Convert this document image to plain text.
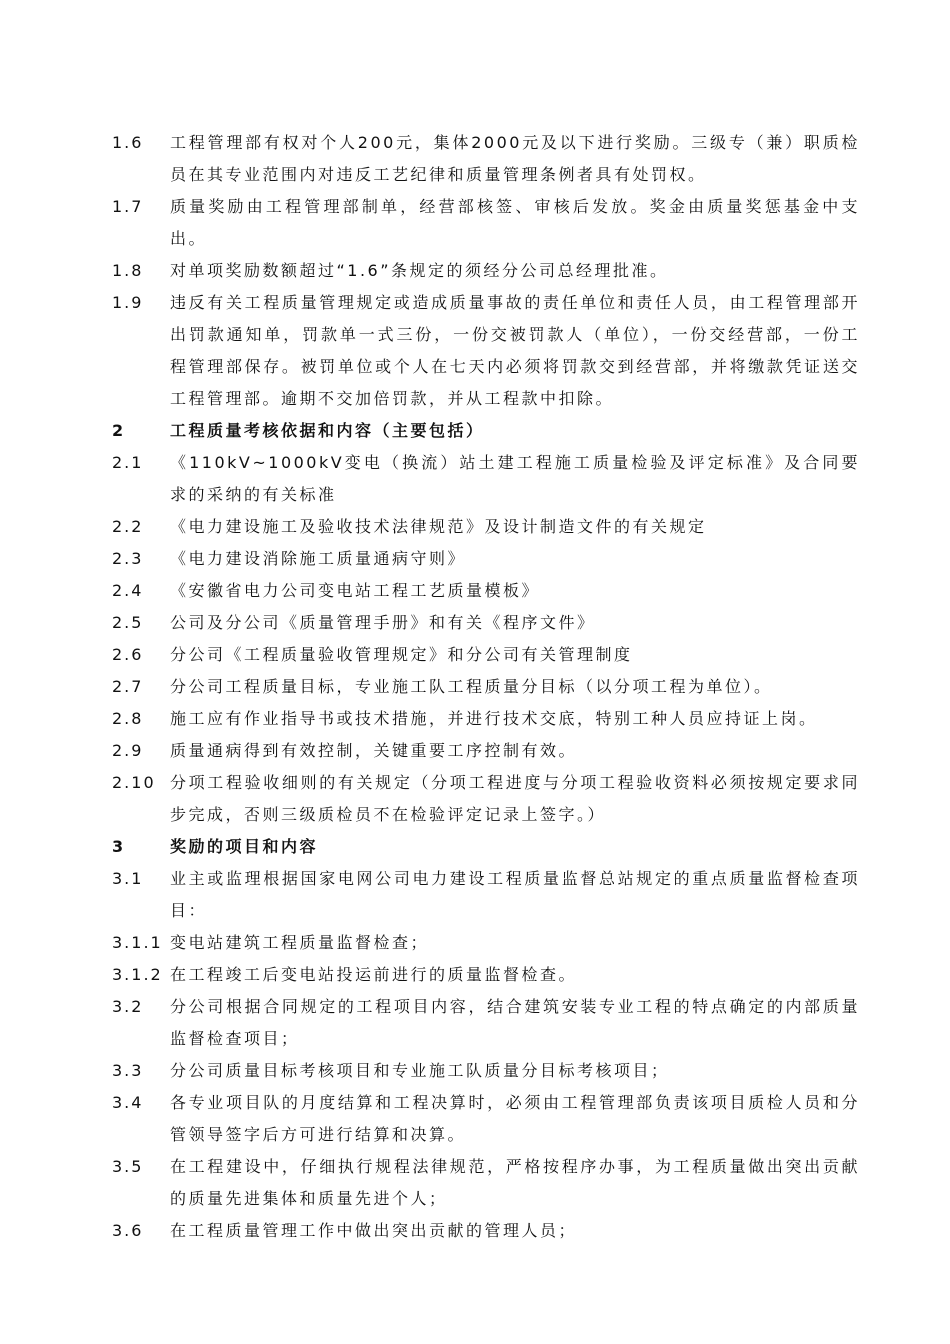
1.6 工程管理部有权对个人200元，集体2000元及以下进行奖励。三级专（兼）职质检员在其专业范围内对违反工艺纪律和质量管理条例者具有处罚权。
1.7 质量奖励由工程管理部制单，经营部核签、审核后发放。奖金由质量奖惩基金中支出。
1.8 对单项奖励数额超过“1.6”条规定的须经分公司总经理批准。
1.9 违反有关工程质量管理规定或造成质量事故的责任单位和责任人员，由工程管理部开出罚款通知单，罚款单一式三份，一份交被罚款人（单位），一份交经营部，一份工程管理部保存。被罚单位或个人在七天内必须将罚款交到经营部，并将缴款凭证送交工程管理部。逾期不交加倍罚款，并从工程款中扣除。
2	工程质量考核依据和内容（主要包括）
2.1 《110kV~1000kV变电（换流）站土建工程施工质量检验及评定标准》及合同要求的采纳的有关标准
2.2 《电力建设施工及验收技术法律规范》及设计制造文件的有关规定
2.3 《电力建设消除施工质量通病守则》
2.4 《安徽省电力公司变电站工程工艺质量模板》
2.5 公司及分公司《质量管理手册》和有关《程序文件》
2.6 分公司《工程质量验收管理规定》和分公司有关管理制度
2.7 分公司工程质量目标，专业施工队工程质量分目标（以分项工程为单位）。
2.8 施工应有作业指导书或技术措施，并进行技术交底，特别工种人员应持证上岗。
2.9 质量通病得到有效控制，关键重要工序控制有效。
2.10 分项工程验收细则的有关规定（分项工程进度与分项工程验收资料必须按规定要求同步完成，否则三级质检员不在检验评定记录上签字。）
3	奖励的项目和内容
3.1 业主或监理根据国家电网公司电力建设工程质量监督总站规定的重点质量监督检查项目：
3.1.1 变电站建筑工程质量监督检查；
3.1.2 在工程竣工后变电站投运前进行的质量监督检查。
3.2 分公司根据合同规定的工程项目内容，结合建筑安装专业工程的特点确定的内部质量监督检查项目；
3.3 分公司质量目标考核项目和专业施工队质量分目标考核项目；
3.4 各专业项目队的月度结算和工程决算时，必须由工程管理部负责该项目质检人员和分管领导签字后方可进行结算和决算。
3.5 在工程建设中，仔细执行规程法律规范，严格按程序办事，为工程质量做出突出贡献的质量先进集体和质量先进个人；
3.6 在工程质量管理工作中做出突出贡献的管理人员；
